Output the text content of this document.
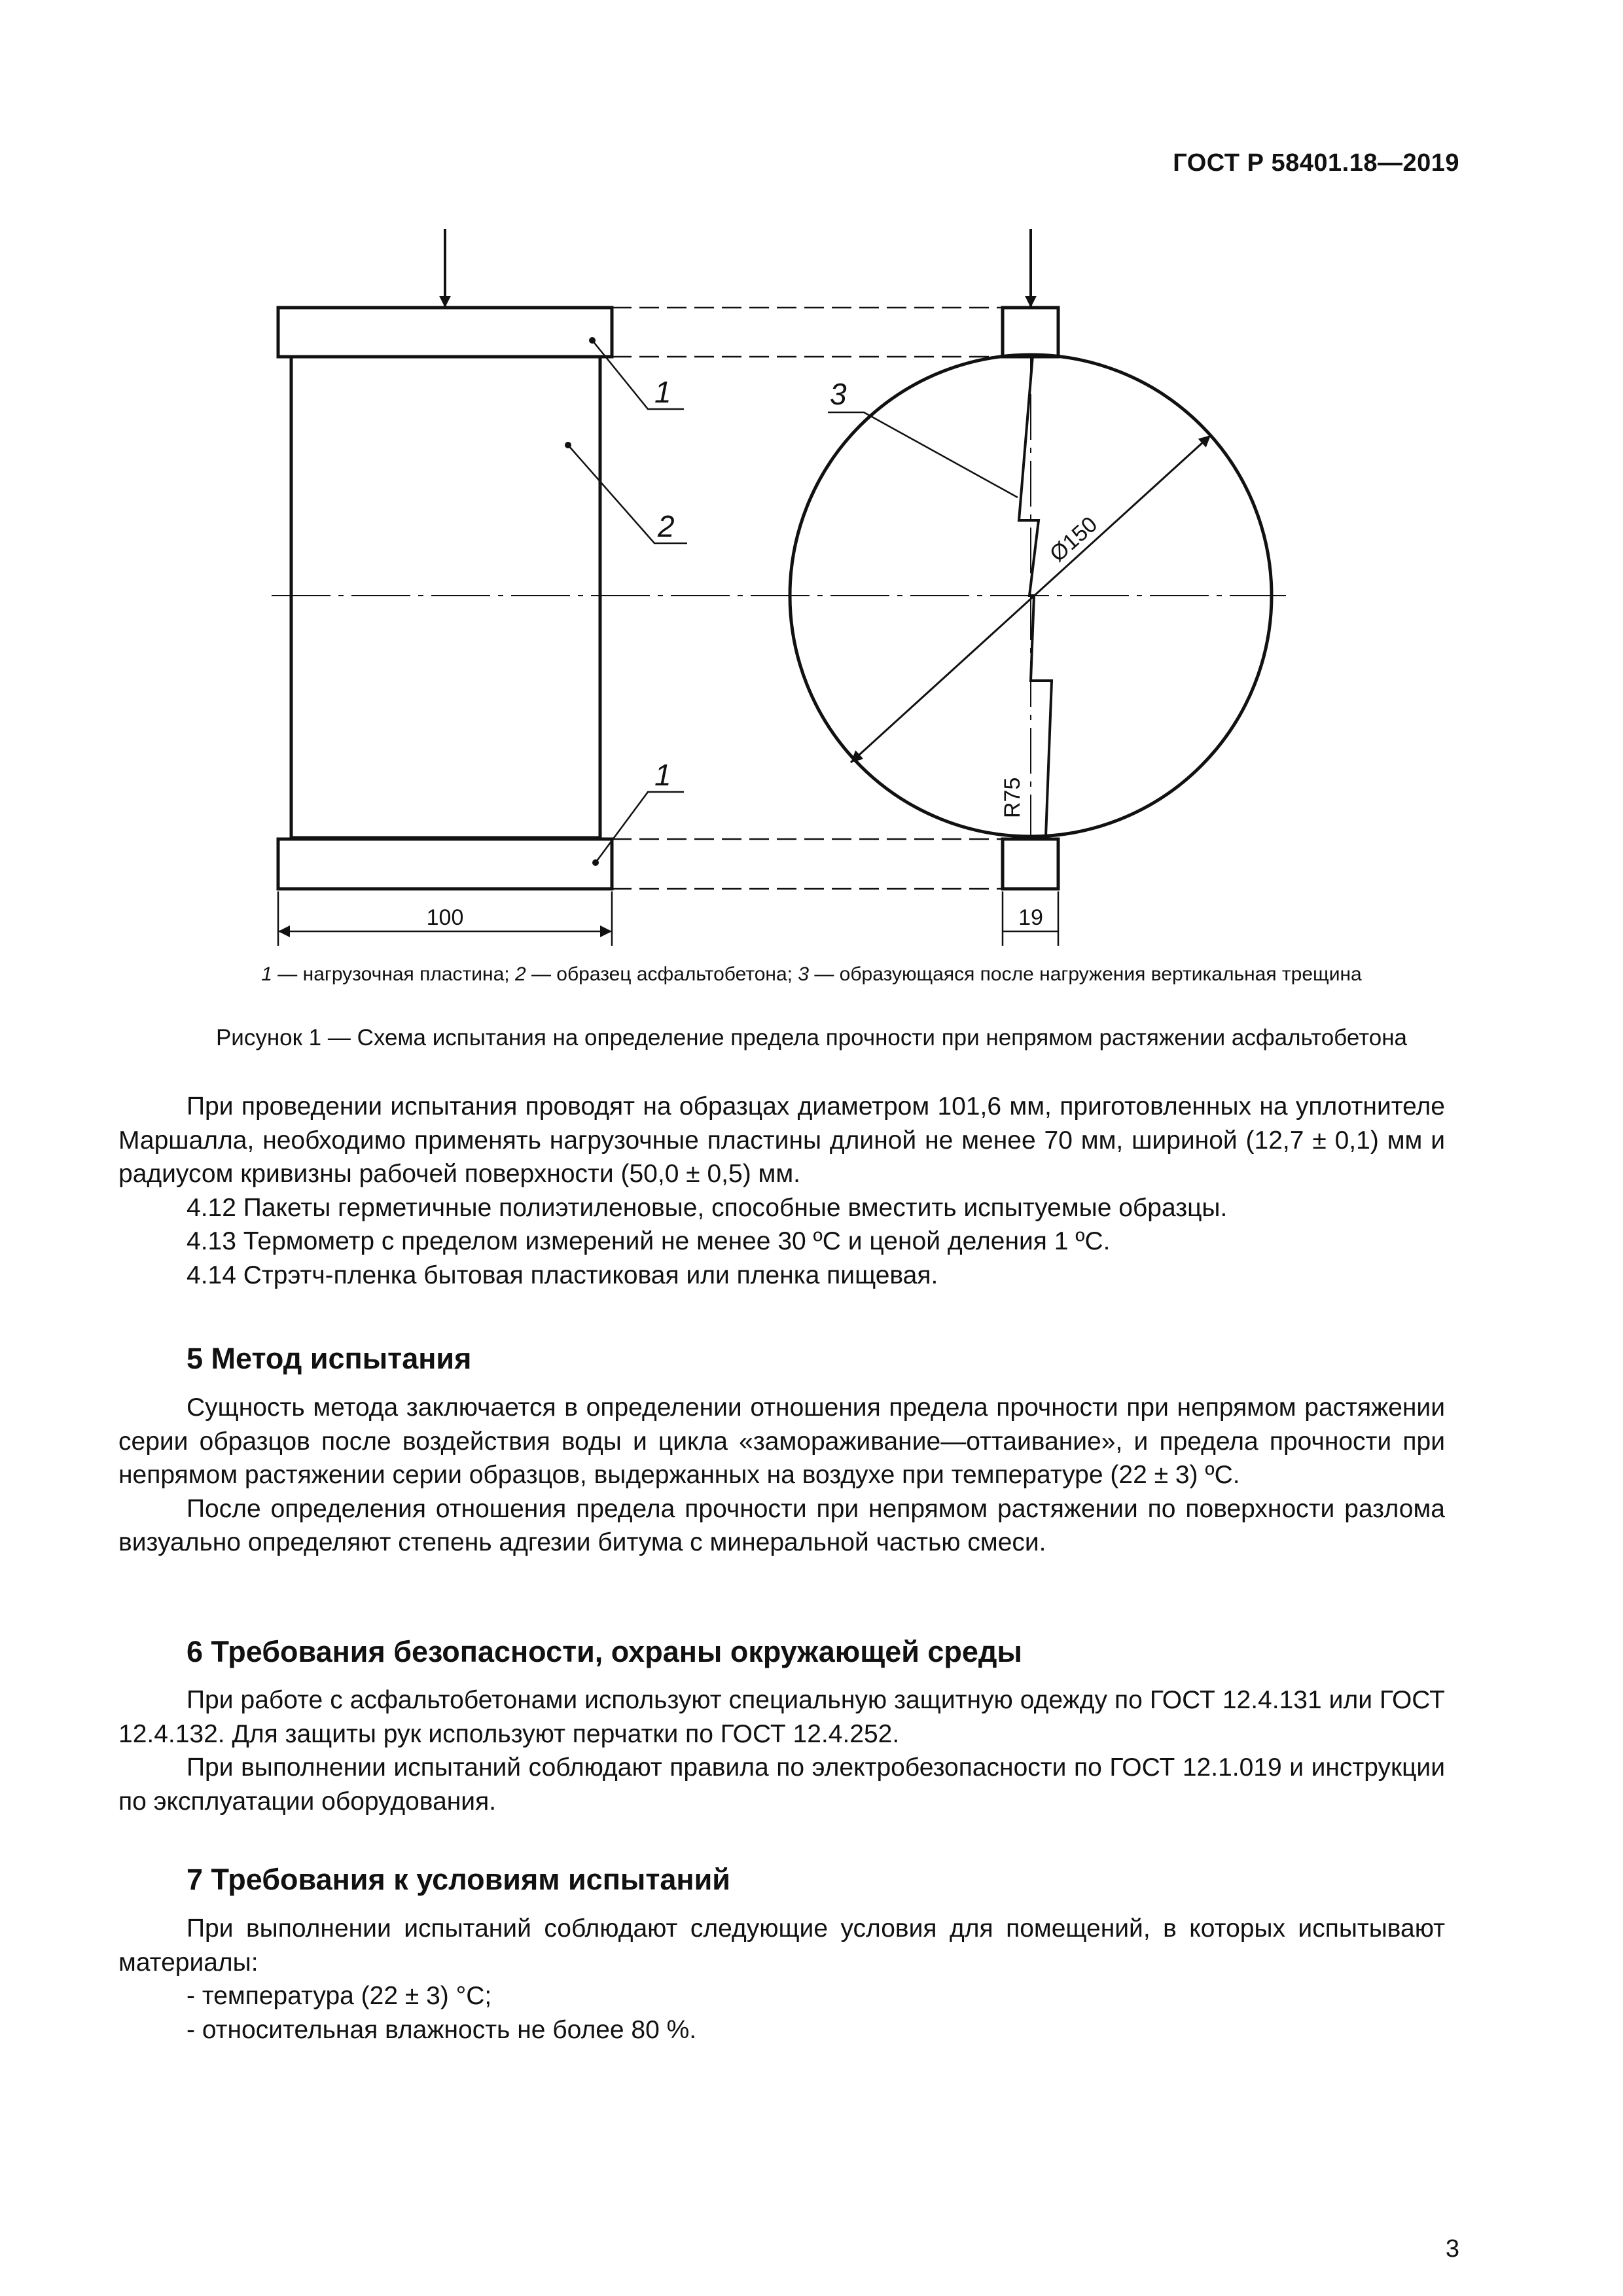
ГОСТ Р 58401.18—2019
1
2
3
1
Ø150
R75
100	19
1 — нагрузочная пластина; 2 — образец асфальтобетона; 3 — образующаяся после нагружения вертикальная трещина
Рисунок 1 — Схема испытания на определение предела прочности при непрямом растяжении асфальтобетона

При проведении испытания проводят на образцах диаметром 101,6 мм, приготовленных на уплотнителе Маршалла, необходимо применять нагрузочные пластины длиной не менее 70 мм, шириной (12,7 ± 0,1) мм и радиусом кривизны рабочей поверхности (50,0 ± 0,5) мм.

4.12 Пакеты герметичные полиэтиленовые, способные вместить испытуемые образцы.

4.13 Термометр с пределом измерений не менее 30 ºС и ценой деления 1 ºС.

4.14 Стрэтч-пленка бытовая пластиковая или пленка пищевая.

5 Метод испытания

Сущность метода заключается в определении отношения предела прочности при непрямом растяжении серии образцов после воздействия воды и цикла «замораживание—оттаивание», и предела прочности при непрямом растяжении серии образцов, выдержанных на воздухе при температуре (22 ± 3) ºС.

После определения отношения предела прочности при непрямом растяжении по поверхности разлома визуально определяют степень адгезии битума с минеральной частью смеси.

6 Требования безопасности, охраны окружающей среды

При работе с асфальтобетонами используют специальную защитную одежду по ГОСТ 12.4.131 или ГОСТ 12.4.132. Для защиты рук используют перчатки по ГОСТ 12.4.252.

При выполнении испытаний соблюдают правила по электробезопасности по ГОСТ 12.1.019 и инструкции по эксплуатации оборудования.

7 Требования к условиям испытаний

При выполнении испытаний соблюдают следующие условия для помещений, в которых испытывают материалы:

- температура (22 ± 3) °С;

- относительная влажность не более 80 %.

3
